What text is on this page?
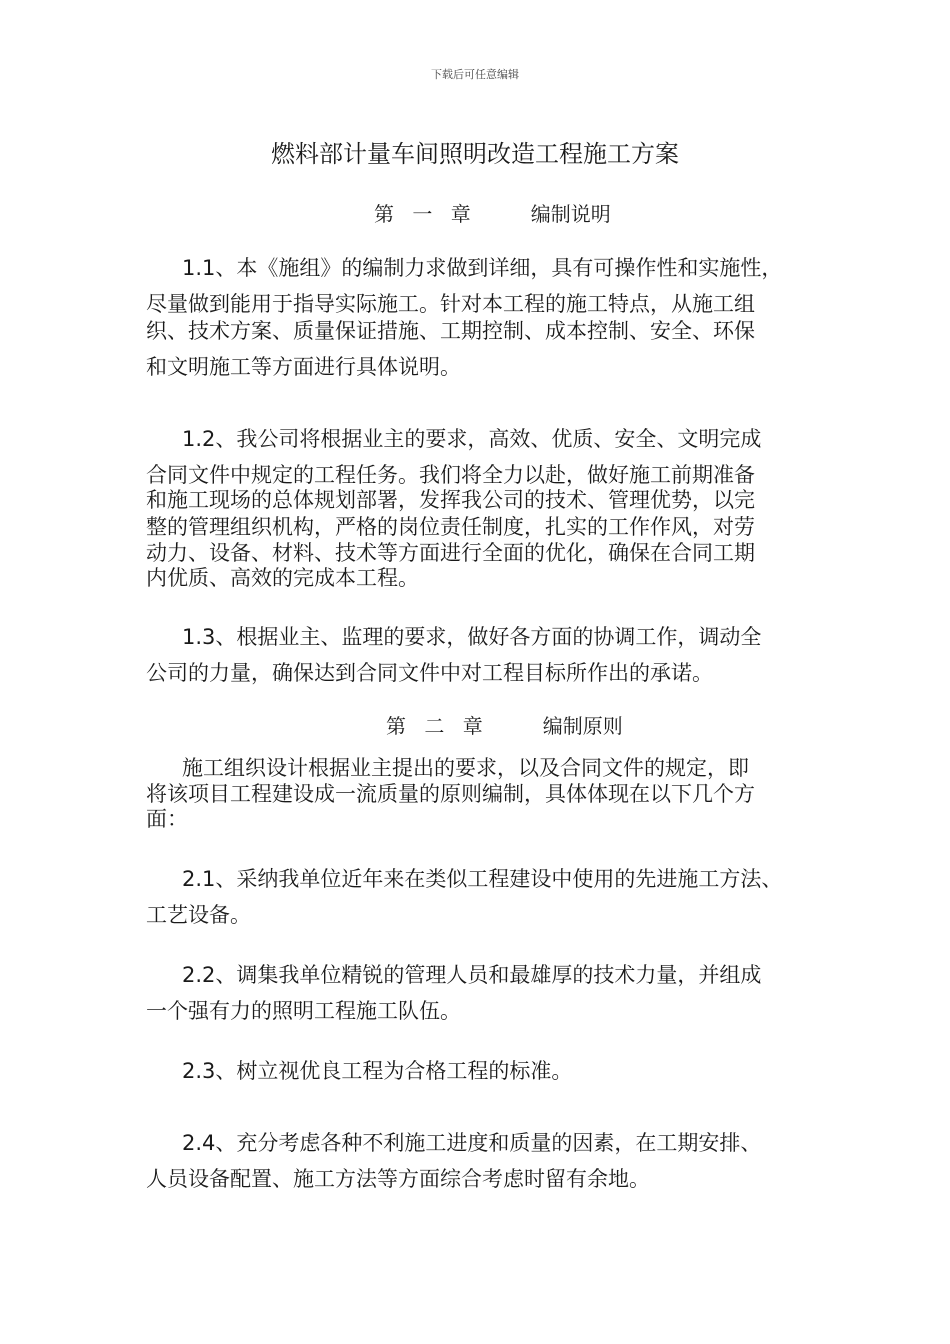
下载后可任意编辑
燃料部计量车间照明改造工程施工方案
第 一 章	编制说明
1.1、本《施组》的编制力求做到详细，具有可操作性和实施性，
尽量做到能用于指导实际施工。针对本工程的施工特点，从施工组
织、技术方案、质量保证措施、工期控制、成本控制、安全、环保
和文明施工等方面进行具体说明。
1.2、我公司将根据业主的要求，高效、优质、安全、文明完成
合同文件中规定的工程任务。我们将全力以赴，做好施工前期准备
和施工现场的总体规划部署，发挥我公司的技术、管理优势，以完
整的管理组织机构，严格的岗位责任制度，扎实的工作作风，对劳
动力、设备、材料、技术等方面进行全面的优化，确保在合同工期
内优质、高效的完成本工程。
1.3、根据业主、监理的要求，做好各方面的协调工作，调动全
公司的力量，确保达到合同文件中对工程目标所作出的承诺。
第 二 章	编制原则
施工组织设计根据业主提出的要求，以及合同文件的规定，即
将该项目工程建设成一流质量的原则编制，具体体现在以下几个方
面：
2.1、采纳我单位近年来在类似工程建设中使用的先进施工方法、
工艺设备。
2.2、调集我单位精锐的管理人员和最雄厚的技术力量，并组成
一个强有力的照明工程施工队伍。
2.3、树立视优良工程为合格工程的标准。
2.4、充分考虑各种不利施工进度和质量的因素，在工期安排、
人员设备配置、施工方法等方面综合考虑时留有余地。
